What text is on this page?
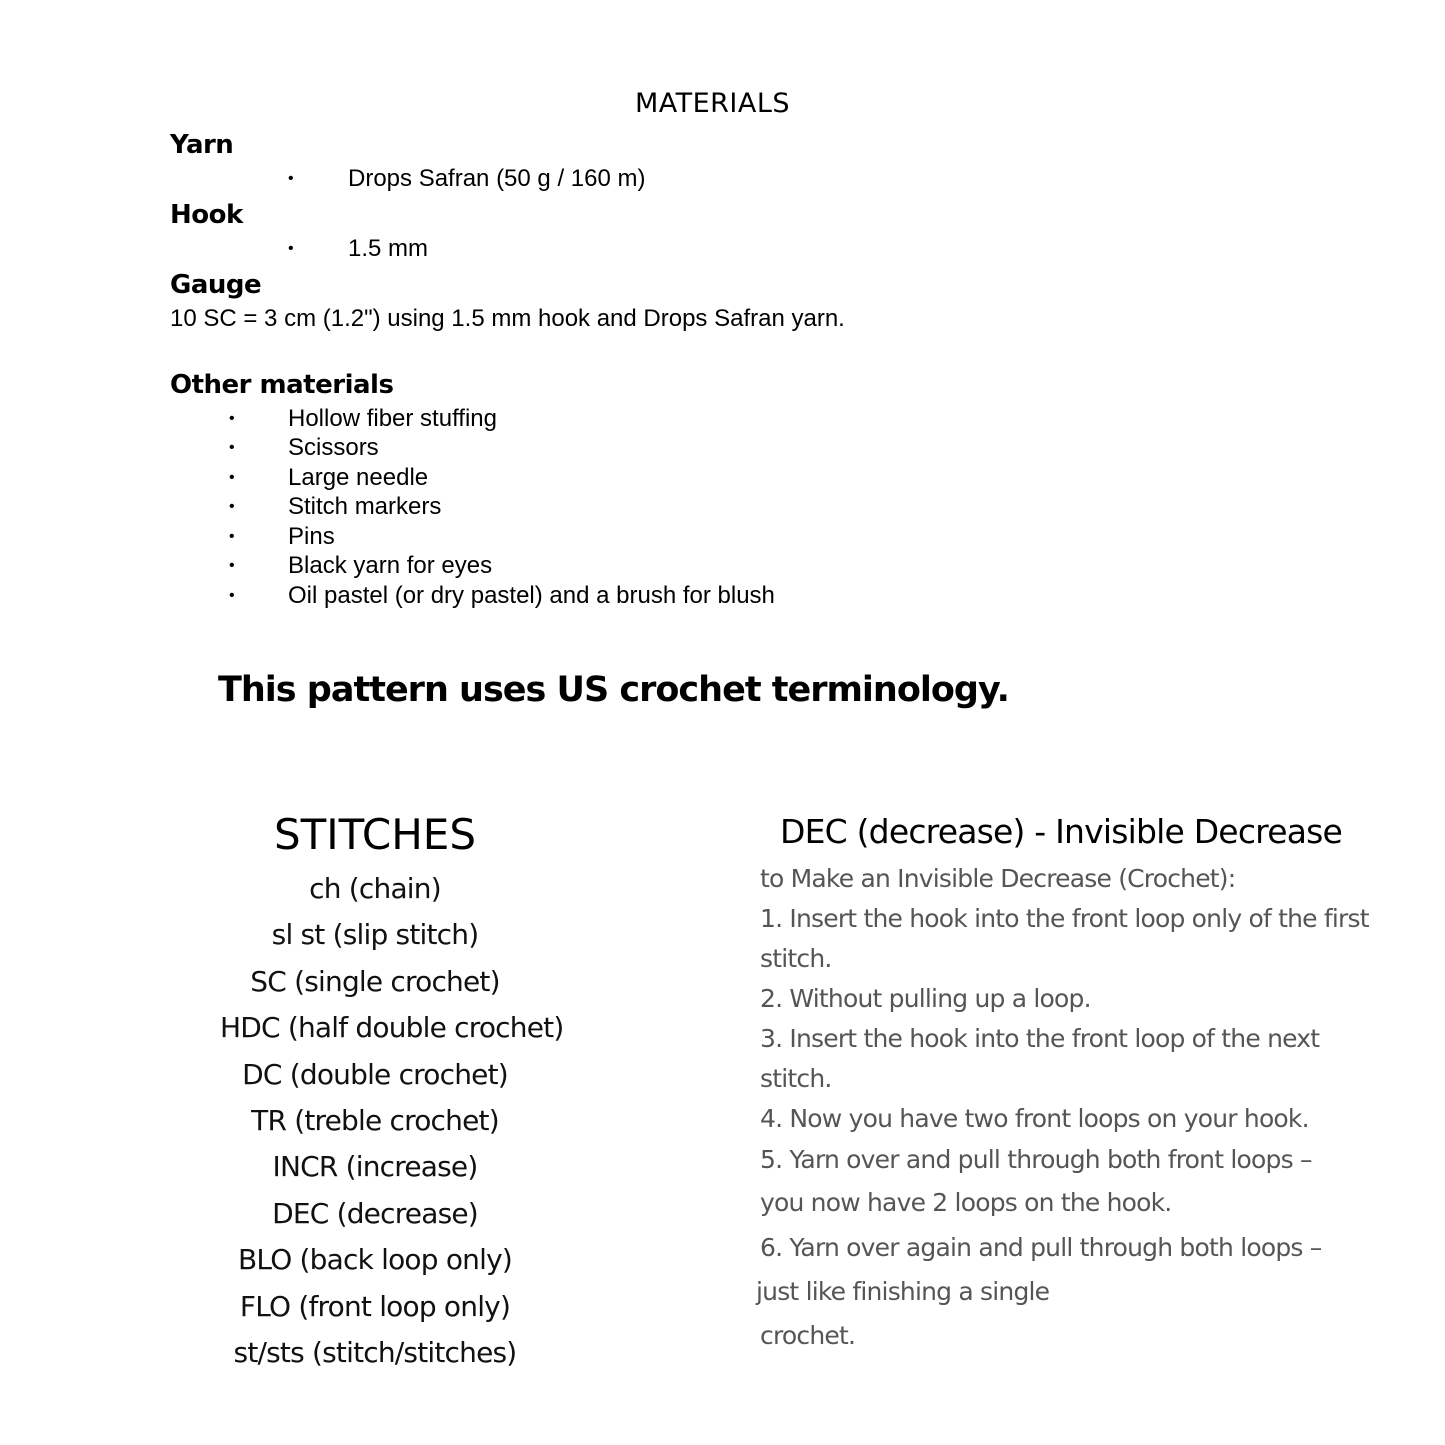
MATERIALS
Yarn
• Drops Safran (50 g / 160 m)
Hook
• 1.5 mm
Gauge
10 SC = 3 cm (1.2") using 1.5 mm hook and Drops Safran yarn.
Other materials
• Hollow fiber stuffing
• Scissors
• Large needle
• Stitch markers
• Pins
• Black yarn for eyes
• Oil pastel (or dry pastel) and a brush for blush
This pattern uses US crochet terminology.
STITCHES
ch (chain)
sl st (slip stitch)
SC (single crochet)
HDC (half double crochet)
DC (double crochet)
TR (treble crochet)
INCR (increase)
DEC (decrease)
BLO (back loop only)
FLO (front loop only)
st/sts (stitch/stitches)
DEC (decrease) - Invisible Decrease
to Make an Invisible Decrease (Crochet):
1. Insert the hook into the front loop only of the first
stitch.
2. Without pulling up a loop.
3. Insert the hook into the front loop of the next
stitch.
4. Now you have two front loops on your hook.
5. Yarn over and pull through both front loops –
you now have 2 loops on the hook.
6. Yarn over again and pull through both loops –
just like finishing a single
crochet.
